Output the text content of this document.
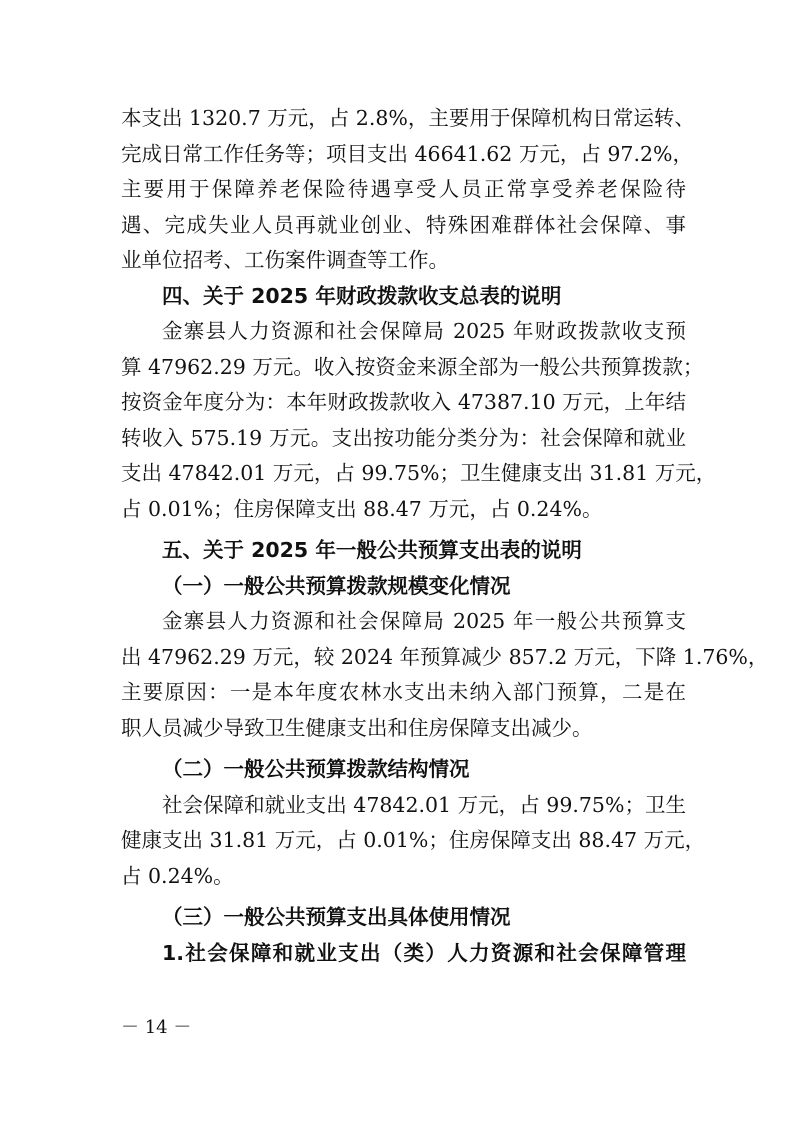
本支出 1320.7 万元，占 2.8%，主要用于保障机构日常运转、
完成日常工作任务等；项目支出 46641.62 万元，占 97.2%，
主要用于保障养老保险待遇享受人员正常享受养老保险待
遇、完成失业人员再就业创业、特殊困难群体社会保障、事
业单位招考、工伤案件调查等工作。
四、关于 2025 年财政拨款收支总表的说明
金寨县人力资源和社会保障局 2025 年财政拨款收支预
算 47962.29 万元。收入按资金来源全部为一般公共预算拨款；
按资金年度分为：本年财政拨款收入 47387.10 万元，上年结
转收入 575.19 万元。支出按功能分类分为：社会保障和就业
支出 47842.01 万元，占 99.75%；卫生健康支出 31.81 万元，
占 0.01%；住房保障支出 88.47 万元，占 0.24%。
五、关于 2025 年一般公共预算支出表的说明
（一）一般公共预算拨款规模变化情况
金寨县人力资源和社会保障局 2025 年一般公共预算支
出 47962.29 万元，较 2024 年预算减少 857.2 万元，下降 1.76%，
主要原因：一是本年度农林水支出未纳入部门预算，二是在
职人员减少导致卫生健康支出和住房保障支出减少。
（二）一般公共预算拨款结构情况
社会保障和就业支出 47842.01 万元，占 99.75%；卫生
健康支出 31.81 万元，占 0.01%；住房保障支出 88.47 万元，
占 0.24%。
（三）一般公共预算支出具体使用情况
1.社会保障和就业支出（类）人力资源和社会保障管理
－ 14 －
